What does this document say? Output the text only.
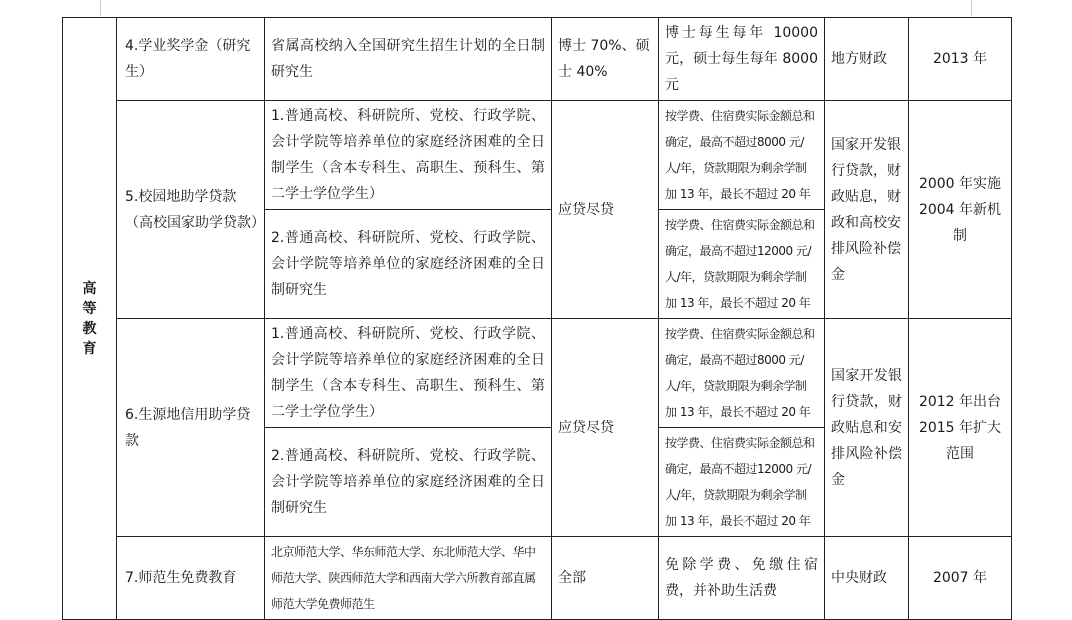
高等教育	4.学业奖学金（研究生）	省属高校纳入全国研究生招生计划的全日制研究生	博士 70%、硕士 40%	博士每生每年 10000 元，硕士每生每年 8000 元	地方财政	2013 年
	5.校园地助学贷款（高校国家助学贷款）	1.普通高校、科研院所、党校、行政学院、会计学院等培养单位的家庭经济困难的全日制学生（含本专科生、高职生、预科生、第二学士学位学生）	应贷尽贷	按学费、住宿费实际金额总和确定，最高不超过8000 元/人/年，贷款期限为剩余学制加 13 年，最长不超过 20 年	国家开发银行贷款，财政贴息，财政和高校安排风险补偿金	2000 年实施 2004 年新机制
		2.普通高校、科研院所、党校、行政学院、会计学院等培养单位的家庭经济困难的全日制研究生		按学费、住宿费实际金额总和确定，最高不超过12000 元/人/年，贷款期限为剩余学制加 13 年，最长不超过 20 年		
	6.生源地信用助学贷款	1.普通高校、科研院所、党校、行政学院、会计学院等培养单位的家庭经济困难的全日制学生（含本专科生、高职生、预科生、第二学士学位学生）	应贷尽贷	按学费、住宿费实际金额总和确定，最高不超过8000 元/人/年，贷款期限为剩余学制加 13 年，最长不超过 20 年	国家开发银行贷款，财政贴息和安排风险补偿金	2012 年出台 2015 年扩大范围
		2.普通高校、科研院所、党校、行政学院、会计学院等培养单位的家庭经济困难的全日制研究生		按学费、住宿费实际金额总和确定，最高不超过12000 元/人/年，贷款期限为剩余学制加 13 年，最长不超过 20 年		
	7.师范生免费教育	北京师范大学、华东师范大学、东北师范大学、华中师范大学、陕西师范大学和西南大学六所教育部直属师范大学免费师范生	全部	免除学费、免缴住宿费，并补助生活费	中央财政	2007 年
